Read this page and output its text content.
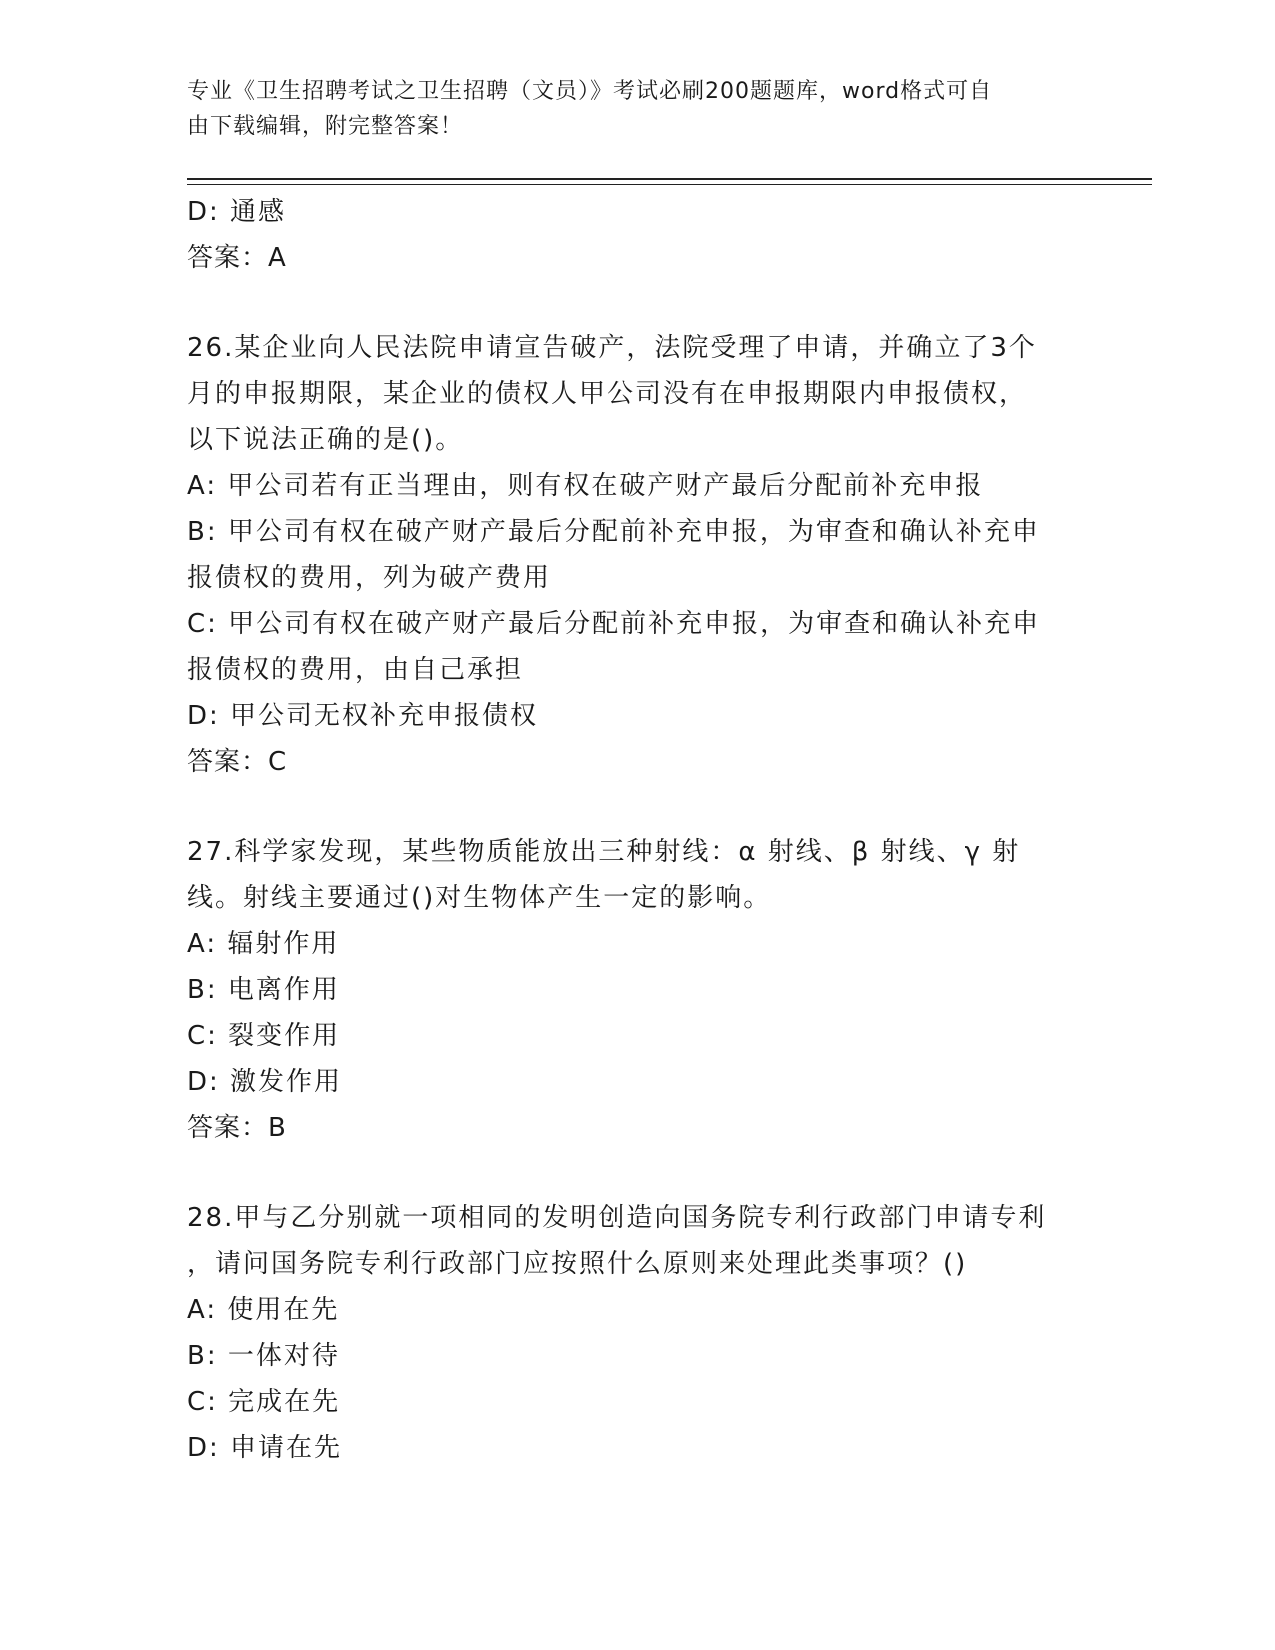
专业《卫生招聘考试之卫生招聘（文员）》考试必刷200题题库，word格式可自
由下载编辑，附完整答案！
D: 通感
答案：A
26.某企业向人民法院申请宣告破产，法院受理了申请，并确立了3个
月的申报期限，某企业的债权人甲公司没有在申报期限内申报债权，
以下说法正确的是()。
A: 甲公司若有正当理由，则有权在破产财产最后分配前补充申报
B: 甲公司有权在破产财产最后分配前补充申报，为审查和确认补充申
报债权的费用，列为破产费用
C: 甲公司有权在破产财产最后分配前补充申报，为审查和确认补充申
报债权的费用，由自己承担
D: 甲公司无权补充申报债权
答案：C
27.科学家发现，某些物质能放出三种射线：α 射线、β 射线、γ 射
线。射线主要通过()对生物体产生一定的影响。
A: 辐射作用
B: 电离作用
C: 裂变作用
D: 激发作用
答案：B
28.甲与乙分别就一项相同的发明创造向国务院专利行政部门申请专利
，请问国务院专利行政部门应按照什么原则来处理此类事项？()
A: 使用在先
B: 一体对待
C: 完成在先
D: 申请在先
